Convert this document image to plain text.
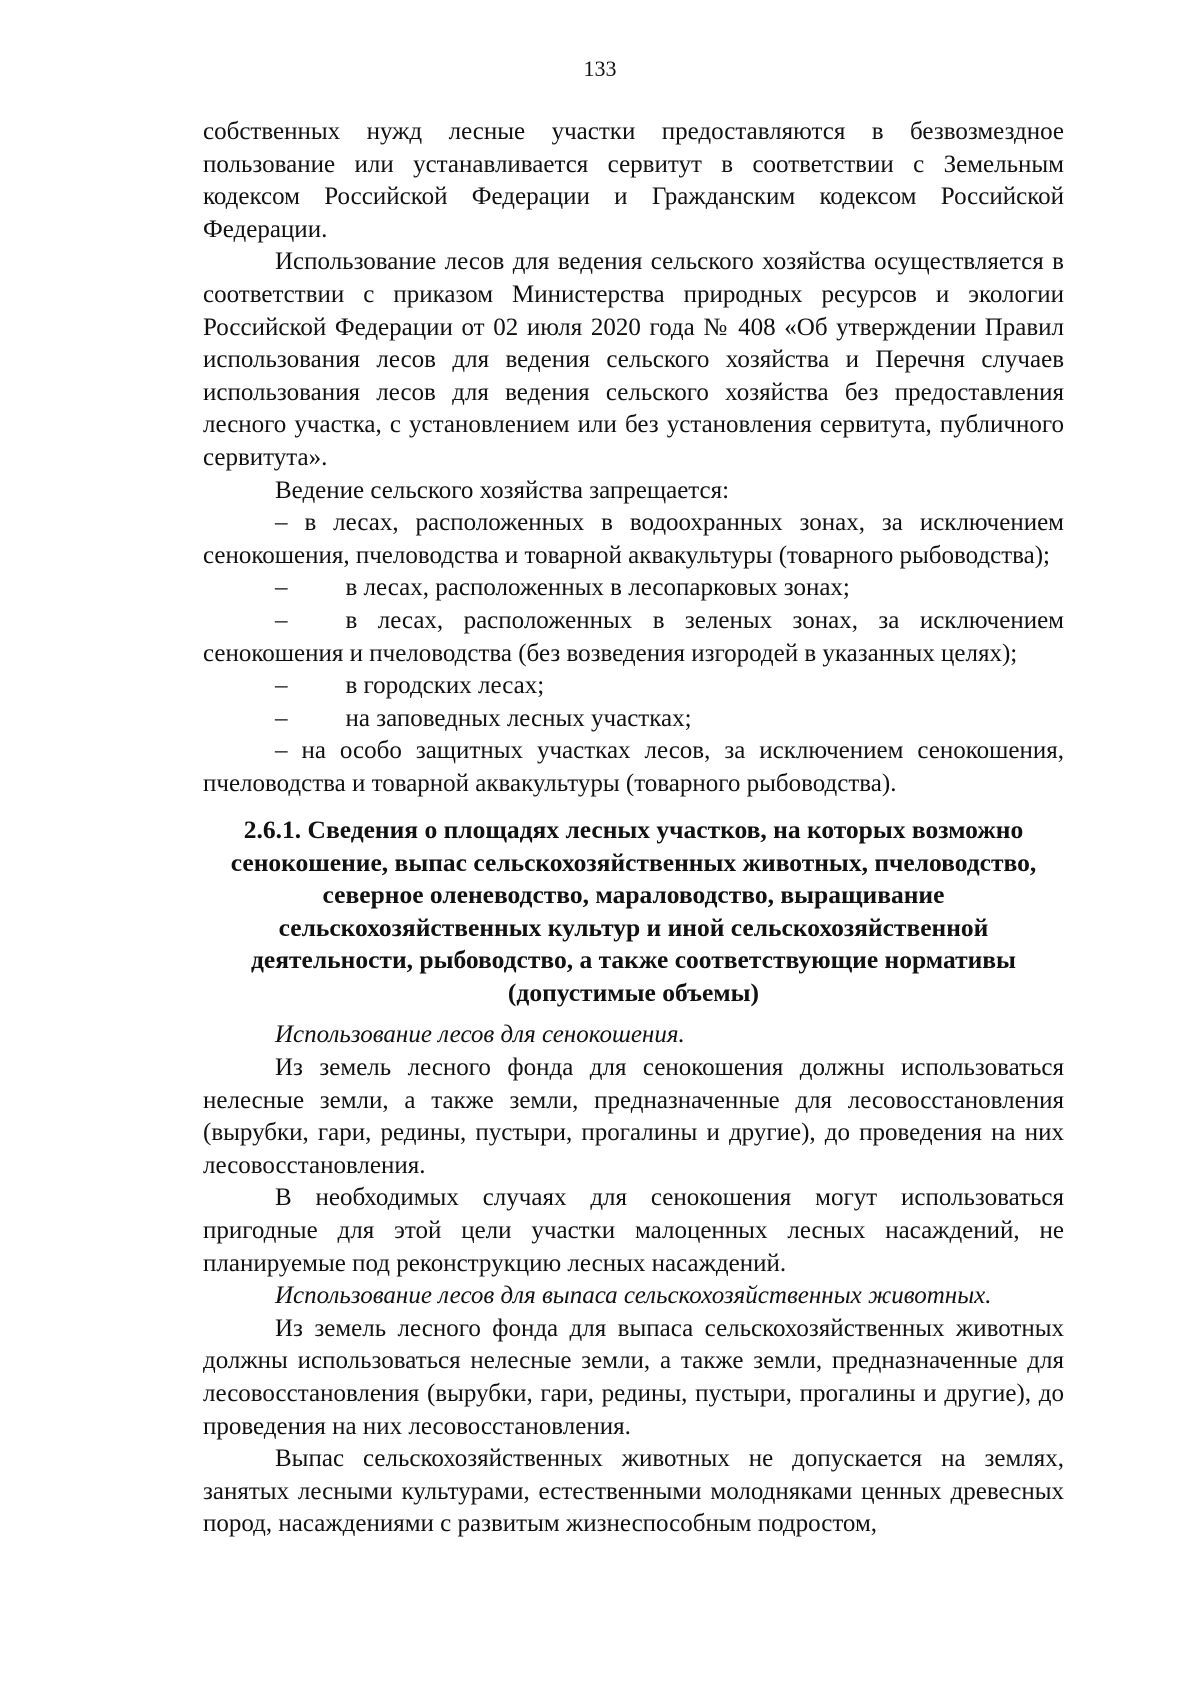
133

собственных нужд лесные участки предоставляются в безвозмездное пользование или устанавливается сервитут в соответствии с Земельным кодексом Российской Федерации и Гражданским кодексом Российской Федерации.

Использование лесов для ведения сельского хозяйства осуществляется в соответствии с приказом Министерства природных ресурсов и экологии Российской Федерации от 02 июля 2020 года № 408 «Об утверждении Правил использования лесов для ведения сельского хозяйства и Перечня случаев использования лесов для ведения сельского хозяйства без предоставления лесного участка, с установлением или без установления сервитута, публичного сервитута».

Ведение сельского хозяйства запрещается:

– в лесах, расположенных в водоохранных зонах, за исключением сенокошения, пчеловодства и товарной аквакультуры (товарного рыбоводства);

– в лесах, расположенных в лесопарковых зонах;

– в лесах, расположенных в зеленых зонах, за исключением сенокошения и пчеловодства (без возведения изгородей в указанных целях);

– в городских лесах;

– на заповедных лесных участках;

– на особо защитных участках лесов, за исключением сенокошения, пчеловодства и товарной аквакультуры (товарного рыбоводства).

2.6.1. Сведения о площадях лесных участков, на которых возможно сенокошение, выпас сельскохозяйственных животных, пчеловодство, северное оленеводство, мараловодство, выращивание сельскохозяйственных культур и иной сельскохозяйственной деятельности, рыбоводство, а также соответствующие нормативы (допустимые объемы)

Использование лесов для сенокошения.

Из земель лесного фонда для сенокошения должны использоваться нелесные земли, а также земли, предназначенные для лесовосстановления (вырубки, гари, редины, пустыри, прогалины и другие), до проведения на них лесовосстановления.

В необходимых случаях для сенокошения могут использоваться пригодные для этой цели участки малоценных лесных насаждений, не планируемые под реконструкцию лесных насаждений.

Использование лесов для выпаса сельскохозяйственных животных.

Из земель лесного фонда для выпаса сельскохозяйственных животных должны использоваться нелесные земли, а также земли, предназначенные для лесовосстановления (вырубки, гари, редины, пустыри, прогалины и другие), до проведения на них лесовосстановления.

Выпас сельскохозяйственных животных не допускается на землях, занятых лесными культурами, естественными молодняками ценных древесных пород, насаждениями с развитым жизнеспособным подростом,
